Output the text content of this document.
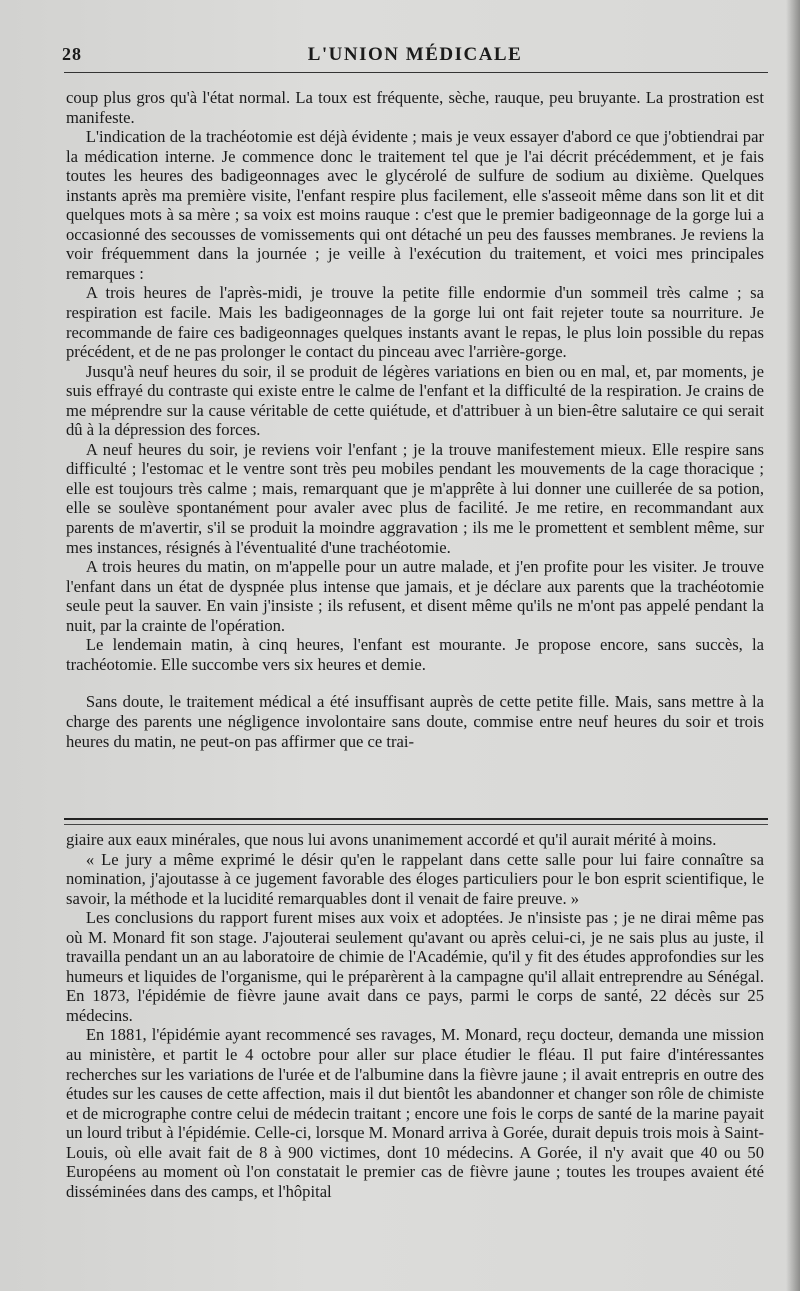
28	L'UNION MÉDICALE

coup plus gros qu'à l'état normal. La toux est fréquente, sèche, rauque, peu bruyante. La prostration est manifeste.

L'indication de la trachéotomie est déjà évidente ; mais je veux essayer d'abord ce que j'obtiendrai par la médication interne. Je commence donc le traitement tel que je l'ai décrit précédemment, et je fais toutes les heures des badigeonnages avec le glycérolé de sulfure de sodium au dixième. Quelques instants après ma première visite, l'enfant respire plus facilement, elle s'asseoit même dans son lit et dit quelques mots à sa mère ; sa voix est moins rauque : c'est que le premier badigeonnage de la gorge lui a occasionné des secousses de vomissements qui ont détaché un peu des fausses membranes. Je reviens la voir fréquemment dans la journée ; je veille à l'exécution du traitement, et voici mes principales remarques :

A trois heures de l'après-midi, je trouve la petite fille endormie d'un sommeil très calme ; sa respiration est facile. Mais les badigeonnages de la gorge lui ont fait rejeter toute sa nourriture. Je recommande de faire ces badigeonnages quelques instants avant le repas, le plus loin possible du repas précédent, et de ne pas prolonger le contact du pinceau avec l'arrière-gorge.

Jusqu'à neuf heures du soir, il se produit de légères variations en bien ou en mal, et, par moments, je suis effrayé du contraste qui existe entre le calme de l'enfant et la difficulté de la respiration. Je crains de me méprendre sur la cause véritable de cette quiétude, et d'attribuer à un bien-être salutaire ce qui serait dû à la dépression des forces.

A neuf heures du soir, je reviens voir l'enfant ; je la trouve manifestement mieux. Elle respire sans difficulté ; l'estomac et le ventre sont très peu mobiles pendant les mouvements de la cage thoracique ; elle est toujours très calme ; mais, remarquant que je m'apprête à lui donner une cuillerée de sa potion, elle se soulève spontanément pour avaler avec plus de facilité. Je me retire, en recommandant aux parents de m'avertir, s'il se produit la moindre aggravation ; ils me le promettent et semblent même, sur mes instances, résignés à l'éventualité d'une trachéotomie.

A trois heures du matin, on m'appelle pour un autre malade, et j'en profite pour les visiter. Je trouve l'enfant dans un état de dyspnée plus intense que jamais, et je déclare aux parents que la trachéotomie seule peut la sauver. En vain j'insiste ; ils refusent, et disent même qu'ils ne m'ont pas appelé pendant la nuit, par la crainte de l'opération.

Le lendemain matin, à cinq heures, l'enfant est mourante. Je propose encore, sans succès, la trachéotomie. Elle succombe vers six heures et demie.

Sans doute, le traitement médical a été insuffisant auprès de cette petite fille. Mais, sans mettre à la charge des parents une négligence involontaire sans doute, commise entre neuf heures du soir et trois heures du matin, ne peut-on pas affirmer que ce trai-

giaire aux eaux minérales, que nous lui avons unanimement accordé et qu'il aurait mérité à moins.

« Le jury a même exprimé le désir qu'en le rappelant dans cette salle pour lui faire connaître sa nomination, j'ajoutasse à ce jugement favorable des éloges particuliers pour le bon esprit scientifique, le savoir, la méthode et la lucidité remarquables dont il venait de faire preuve. »

Les conclusions du rapport furent mises aux voix et adoptées. Je n'insiste pas ; je ne dirai même pas où M. Monard fit son stage. J'ajouterai seulement qu'avant ou après celui-ci, je ne sais plus au juste, il travailla pendant un an au laboratoire de chimie de l'Académie, qu'il y fit des études approfondies sur les humeurs et liquides de l'organisme, qui le préparèrent à la campagne qu'il allait entreprendre au Sénégal. En 1873, l'épidémie de fièvre jaune avait dans ce pays, parmi le corps de santé, 22 décès sur 25 médecins.

En 1881, l'épidémie ayant recommencé ses ravages, M. Monard, reçu docteur, demanda une mission au ministère, et partit le 4 octobre pour aller sur place étudier le fléau. Il put faire d'intéressantes recherches sur les variations de l'urée et de l'albumine dans la fièvre jaune ; il avait entrepris en outre des études sur les causes de cette affection, mais il dut bientôt les abandonner et changer son rôle de chimiste et de micrographe contre celui de médecin traitant ; encore une fois le corps de santé de la marine payait un lourd tribut à l'épidémie. Celle-ci, lorsque M. Monard arriva à Gorée, durait depuis trois mois à Saint-Louis, où elle avait fait de 8 à 900 victimes, dont 10 médecins. A Gorée, il n'y avait que 40 ou 50 Européens au moment où l'on constatait le premier cas de fièvre jaune ; toutes les troupes avaient été disséminées dans des camps, et l'hôpital
